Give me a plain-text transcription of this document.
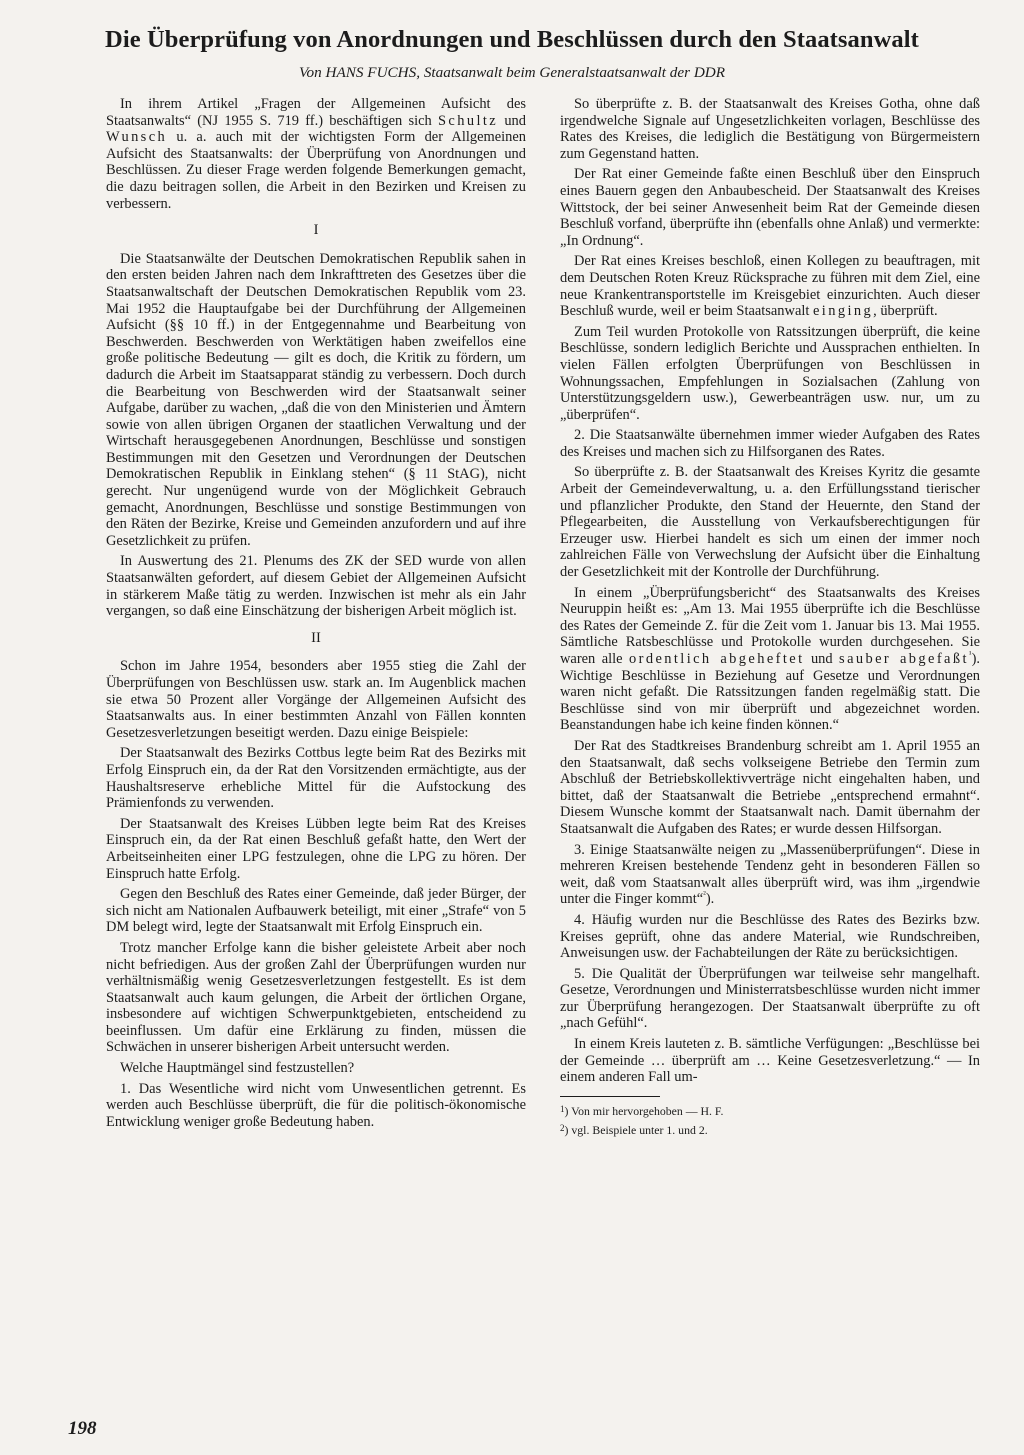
Die Überprüfung von Anordnungen und Beschlüssen durch den Staatsanwalt
Von HANS FUCHS, Staatsanwalt beim Generalstaatsanwalt der DDR

In ihrem Artikel „Fragen der Allgemeinen Aufsicht des Staatsanwalts“ (NJ 1955 S. 719 ff.) beschäftigen sich Schultz und Wunsch u. a. auch mit der wichtigsten Form der Allgemeinen Aufsicht des Staatsanwalts: der Überprüfung von Anordnungen und Beschlüssen. Zu dieser Frage werden folgende Bemerkungen gemacht, die dazu beitragen sollen, die Arbeit in den Bezirken und Kreisen zu verbessern.

I

Die Staatsanwälte der Deutschen Demokratischen Republik sahen in den ersten beiden Jahren nach dem Inkrafttreten des Gesetzes über die Staatsanwaltschaft der Deutschen Demokratischen Republik vom 23. Mai 1952 die Hauptaufgabe bei der Durchführung der Allgemeinen Aufsicht (§§ 10 ff.) in der Entgegennahme und Bearbeitung von Beschwerden. Beschwerden von Werktätigen haben zweifellos eine große politische Bedeutung — gilt es doch, die Kritik zu fördern, um dadurch die Arbeit im Staatsapparat ständig zu verbessern. Doch durch die Bearbeitung von Beschwerden wird der Staatsanwalt seiner Aufgabe, darüber zu wachen, „daß die von den Ministerien und Ämtern sowie von allen übrigen Organen der staatlichen Verwaltung und der Wirtschaft herausgegebenen Anordnungen, Beschlüsse und sonstigen Bestimmungen mit den Gesetzen und Verordnungen der Deutschen Demokratischen Republik in Einklang stehen“ (§ 11 StAG), nicht gerecht. Nur ungenügend wurde von der Möglichkeit Gebrauch gemacht, Anordnungen, Beschlüsse und sonstige Bestimmungen von den Räten der Bezirke, Kreise und Gemeinden anzufordern und auf ihre Gesetzlichkeit zu prüfen.

In Auswertung des 21. Plenums des ZK der SED wurde von allen Staatsanwälten gefordert, auf diesem Gebiet der Allgemeinen Aufsicht in stärkerem Maße tätig zu werden. Inzwischen ist mehr als ein Jahr vergangen, so daß eine Einschätzung der bisherigen Arbeit möglich ist.

II

Schon im Jahre 1954, besonders aber 1955 stieg die Zahl der Überprüfungen von Beschlüssen usw. stark an. Im Augenblick machen sie etwa 50 Prozent aller Vorgänge der Allgemeinen Aufsicht des Staatsanwalts aus. In einer bestimmten Anzahl von Fällen konnten Gesetzesverletzungen beseitigt werden. Dazu einige Beispiele:

Der Staatsanwalt des Bezirks Cottbus legte beim Rat des Bezirks mit Erfolg Einspruch ein, da der Rat den Vorsitzenden ermächtigte, aus der Haushaltsreserve erhebliche Mittel für die Aufstockung des Prämienfonds zu verwenden.

Der Staatsanwalt des Kreises Lübben legte beim Rat des Kreises Einspruch ein, da der Rat einen Beschluß gefaßt hatte, den Wert der Arbeitseinheiten einer LPG festzulegen, ohne die LPG zu hören. Der Einspruch hatte Erfolg.

Gegen den Beschluß des Rates einer Gemeinde, daß jeder Bürger, der sich nicht am Nationalen Aufbauwerk beteiligt, mit einer „Strafe“ von 5 DM belegt wird, legte der Staatsanwalt mit Erfolg Einspruch ein.

Trotz mancher Erfolge kann die bisher geleistete Arbeit aber noch nicht befriedigen. Aus der großen Zahl der Überprüfungen wurden nur verhältnismäßig wenig Gesetzesverletzungen festgestellt. Es ist dem Staatsanwalt auch kaum gelungen, die Arbeit der örtlichen Organe, insbesondere auf wichtigen Schwerpunktgebieten, entscheidend zu beeinflussen. Um dafür eine Erklärung zu finden, müssen die Schwächen in unserer bisherigen Arbeit untersucht werden.

Welche Hauptmängel sind festzustellen?

1. Das Wesentliche wird nicht vom Unwesentlichen getrennt. Es werden auch Beschlüsse überprüft, die für die politisch-ökonomische Entwicklung weniger große Bedeutung haben.

So überprüfte z. B. der Staatsanwalt des Kreises Gotha, ohne daß irgendwelche Signale auf Ungesetzlichkeiten vorlagen, Beschlüsse des Rates des Kreises, die lediglich die Bestätigung von Bürgermeistern zum Gegenstand hatten.

Der Rat einer Gemeinde faßte einen Beschluß über den Einspruch eines Bauern gegen den Anbaubescheid. Der Staatsanwalt des Kreises Wittstock, der bei seiner Anwesenheit beim Rat der Gemeinde diesen Beschluß vorfand, überprüfte ihn (ebenfalls ohne Anlaß) und vermerkte: „In Ordnung“.

Der Rat eines Kreises beschloß, einen Kollegen zu beauftragen, mit dem Deutschen Roten Kreuz Rücksprache zu führen mit dem Ziel, eine neue Krankentransportstelle im Kreisgebiet einzurichten. Auch dieser Beschluß wurde, weil er beim Staatsanwalt einging, überprüft.

Zum Teil wurden Protokolle von Ratssitzungen überprüft, die keine Beschlüsse, sondern lediglich Berichte und Aussprachen enthielten. In vielen Fällen erfolgten Überprüfungen von Beschlüssen in Wohnungssachen, Empfehlungen in Sozialsachen (Zahlung von Unterstützungsgeldern usw.), Gewerbeanträgen usw. nur, um zu „überprüfen“.

2. Die Staatsanwälte übernehmen immer wieder Aufgaben des Rates des Kreises und machen sich zu Hilfsorganen des Rates.

So überprüfte z. B. der Staatsanwalt des Kreises Kyritz die gesamte Arbeit der Gemeindeverwaltung, u. a. den Erfüllungsstand tierischer und pflanzlicher Produkte, den Stand der Heuernte, den Stand der Pflegearbeiten, die Ausstellung von Verkaufsberechtigungen für Erzeuger usw. Hierbei handelt es sich um einen der immer noch zahlreichen Fälle von Verwechslung der Aufsicht über die Einhaltung der Gesetzlichkeit mit der Kontrolle der Durchführung.

In einem „Überprüfungsbericht“ des Staatsanwalts des Kreises Neuruppin heißt es: „Am 13. Mai 1955 überprüfte ich die Beschlüsse des Rates der Gemeinde Z. für die Zeit vom 1. Januar bis 13. Mai 1955. Sämtliche Ratsbeschlüsse und Protokolle wurden durchgesehen. Sie waren alle ordentlich abgeheftet und sauber abgefaßt$^{^1}$). Wichtige Beschlüsse in Beziehung auf Gesetze und Verordnungen waren nicht gefaßt. Die Ratssitzungen fanden regelmäßig statt. Die Beschlüsse sind von mir überprüft und abgezeichnet worden. Beanstandungen habe ich keine finden können.“

Der Rat des Stadtkreises Brandenburg schreibt am 1. April 1955 an den Staatsanwalt, daß sechs volkseigene Betriebe den Termin zum Abschluß der Betriebskollektivverträge nicht eingehalten haben, und bittet, daß der Staatsanwalt die Betriebe „entsprechend ermahnt“. Diesem Wunsche kommt der Staatsanwalt nach. Damit übernahm der Staatsanwalt die Aufgaben des Rates; er wurde dessen Hilfsorgan.

3. Einige Staatsanwälte neigen zu „Massenüberprüfungen“. Diese in mehreren Kreisen bestehende Tendenz geht in besonderen Fällen so weit, daß vom Staatsanwalt alles überprüft wird, was ihm „irgendwie unter die Finger kommt“$^{^2}$).

4. Häufig wurden nur die Beschlüsse des Rates des Bezirks bzw. Kreises geprüft, ohne das andere Material, wie Rundschreiben, Anweisungen usw. der Fachabteilungen der Räte zu berücksichtigen.

5. Die Qualität der Überprüfungen war teilweise sehr mangelhaft. Gesetze, Verordnungen und Ministerratsbeschlüsse wurden nicht immer zur Überprüfung herangezogen. Der Staatsanwalt überprüfte zu oft „nach Gefühl“.

In einem Kreis lauteten z. B. sämtliche Verfügungen: „Beschlüsse bei der Gemeinde … überprüft am … Keine Gesetzesverletzung.“ — In einem anderen Fall um-

$^1$) Von mir hervorgehoben — H. F.
$^2$) vgl. Beispiele unter 1. und 2.
198
